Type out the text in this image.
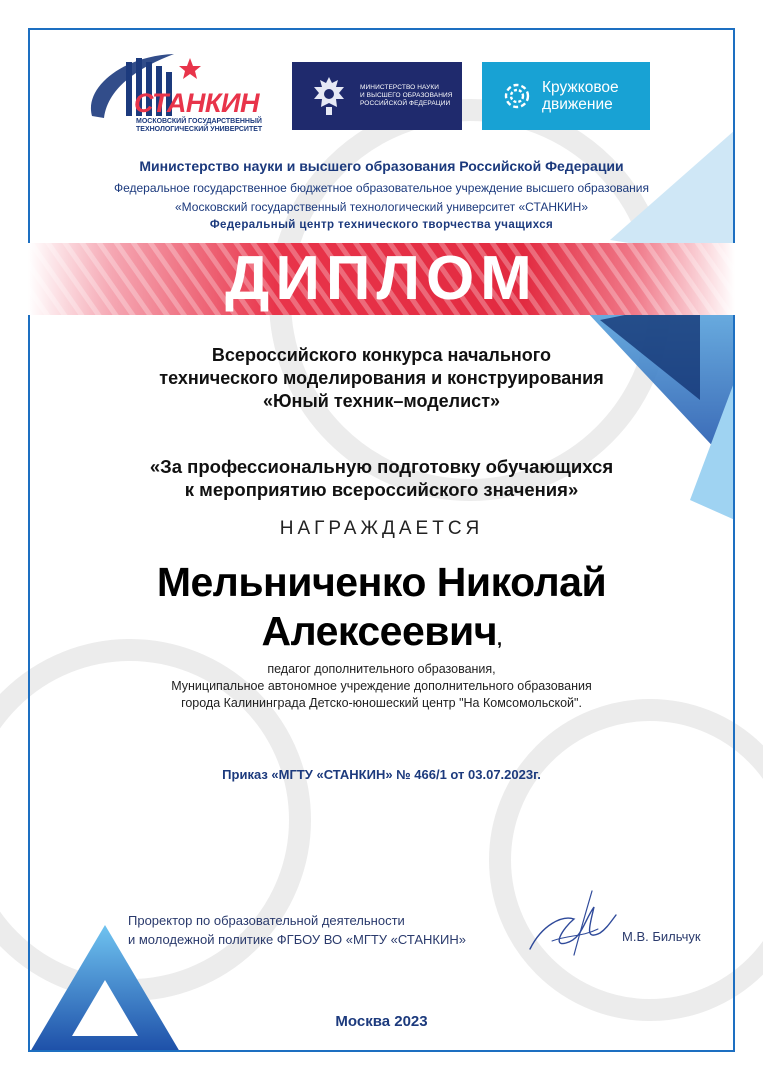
СТАНКИН
МОСКОВСКИЙ ГОСУДАРСТВЕННЫЙ
ТЕХНОЛОГИЧЕСКИЙ УНИВЕРСИТЕТ
МИНИСТЕРСТВО НАУКИ
И ВЫСШЕГО ОБРАЗОВАНИЯ
РОССИЙСКОЙ ФЕДЕРАЦИИ
Кружковое
движение
Министерство науки и высшего образования Российской Федерации
Федеральное государственное бюджетное образовательное учреждение высшего образования
«Московский государственный технологический университет «СТАНКИН»
Федеральный центр технического творчества учащихся
ДИПЛОМ
Всероссийского конкурса начального
технического моделирования и конструирования
«Юный техник–моделист»
«За профессиональную подготовку обучающихся
к мероприятию всероссийского значения»
НАГРАЖДАЕТСЯ
Мельниченко Николай
Алексеевич,
педагог дополнительного образования,
Муниципальное автономное учреждение дополнительного образования
города Калининграда Детско-юношеский центр "На Комсомольской".
Приказ «МГТУ «СТАНКИН» № 466/1 от 03.07.2023г.
Проректор по образовательной деятельности
и молодежной политике ФГБОУ ВО «МГТУ «СТАНКИН»	М.В. Бильчук
Москва 2023
